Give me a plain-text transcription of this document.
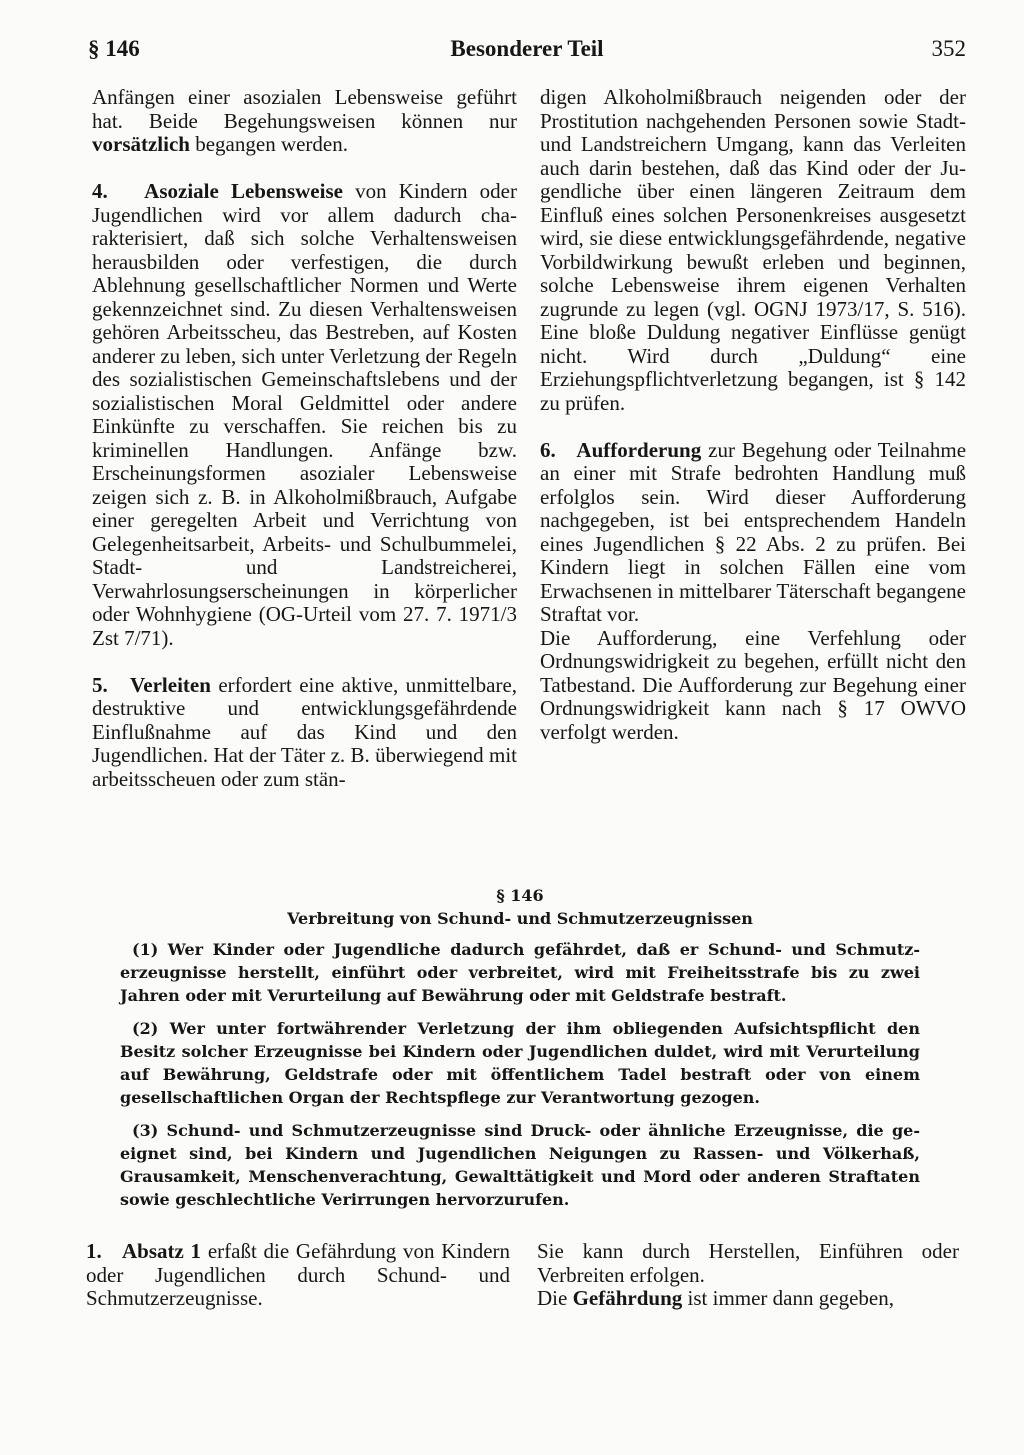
§ 146	Besonderer Teil	352

Anfängen einer asozialen Lebensweise geführt hat. Beide Begehungsweisen können nur vorsätzlich begangen werden.

4. Asoziale Lebensweise von Kindern oder Jugendlichen wird vor allem dadurch charakterisiert, daß sich solche Verhaltensweisen herausbilden oder verfestigen, die durch Ablehnung gesellschaftlicher Normen und Werte gekennzeichnet sind. Zu diesen Verhaltensweisen gehören Arbeitsscheu, das Bestreben, auf Kosten anderer zu leben, sich unter Verletzung der Regeln des sozialistischen Gemeinschaftslebens und der sozialistischen Moral Geldmittel oder andere Einkünfte zu verschaffen. Sie reichen bis zu kriminellen Handlungen. Anfänge bzw. Erscheinungsformen asozialer Lebensweise zeigen sich z. B. in Alkoholmißbrauch, Aufgabe einer geregelten Arbeit und Verrichtung von Gelegenheitsarbeit, Arbeits- und Schulbummelei, Stadt- und Landstreicherei, Verwahrlosungserscheinungen in körperlicher oder Wohnhygiene (OG-Urteil vom 27. 7. 1971/3 Zst 7/71).

5. Verleiten erfordert eine aktive, unmittelbare, destruktive und entwicklungsgefährdende Einflußnahme auf das Kind und den Jugendlichen. Hat der Täter z. B. überwiegend mit arbeitsscheuen oder zum stän-

digen Alkoholmißbrauch neigenden oder der Prostitution nachgehenden Personen sowie Stadt- und Landstreichern Umgang, kann das Verleiten auch darin bestehen, daß das Kind oder der Jugendliche über einen längeren Zeitraum dem Einfluß eines solchen Personenkreises ausgesetzt wird, sie diese entwicklungsgefährdende, negative Vorbildwirkung bewußt erleben und beginnen, solche Lebensweise ihrem eigenen Verhalten zugrunde zu legen (vgl. OGNJ 1973/17, S. 516). Eine bloße Duldung negativer Einflüsse genügt nicht. Wird durch „Duldung“ eine Erziehungspflichtverletzung begangen, ist § 142 zu prüfen.

6. Aufforderung zur Begehung oder Teilnahme an einer mit Strafe bedrohten Handlung muß erfolglos sein. Wird dieser Aufforderung nachgegeben, ist bei entsprechendem Handeln eines Jugendlichen § 22 Abs. 2 zu prüfen. Bei Kindern liegt in solchen Fällen eine vom Erwachsenen in mittelbarer Täterschaft begangene Straftat vor.

Die Aufforderung, eine Verfehlung oder Ordnungswidrigkeit zu begehen, erfüllt nicht den Tatbestand. Die Aufforderung zur Begehung einer Ordnungswidrigkeit kann nach § 17 OWVO verfolgt werden.

§ 146
Verbreitung von Schund- und Schmutzerzeugnissen

(1) Wer Kinder oder Jugendliche dadurch gefährdet, daß er Schund- und Schmutzerzeugnisse herstellt, einführt oder verbreitet, wird mit Freiheitsstrafe bis zu zwei Jahren oder mit Verurteilung auf Bewährung oder mit Geldstrafe bestraft.

(2) Wer unter fortwährender Verletzung der ihm obliegenden Aufsichtspflicht den Besitz solcher Erzeugnisse bei Kindern oder Jugendlichen duldet, wird mit Verurteilung auf Bewährung, Geldstrafe oder mit öffentlichem Tadel bestraft oder von einem gesellschaftlichen Organ der Rechtspflege zur Verantwortung gezogen.

(3) Schund- und Schmutzerzeugnisse sind Druck- oder ähnliche Erzeugnisse, die geeignet sind, bei Kindern und Jugendlichen Neigungen zu Rassen- und Völkerhaß, Grausamkeit, Menschenverachtung, Gewalttätigkeit und Mord oder anderen Straftaten sowie geschlechtliche Verirrungen hervorzurufen.

1. Absatz 1 erfaßt die Gefährdung von Kindern oder Jugendlichen durch Schund- und Schmutzerzeugnisse.

Sie kann durch Herstellen, Einführen oder Verbreiten erfolgen.

Die Gefährdung ist immer dann gegeben,
